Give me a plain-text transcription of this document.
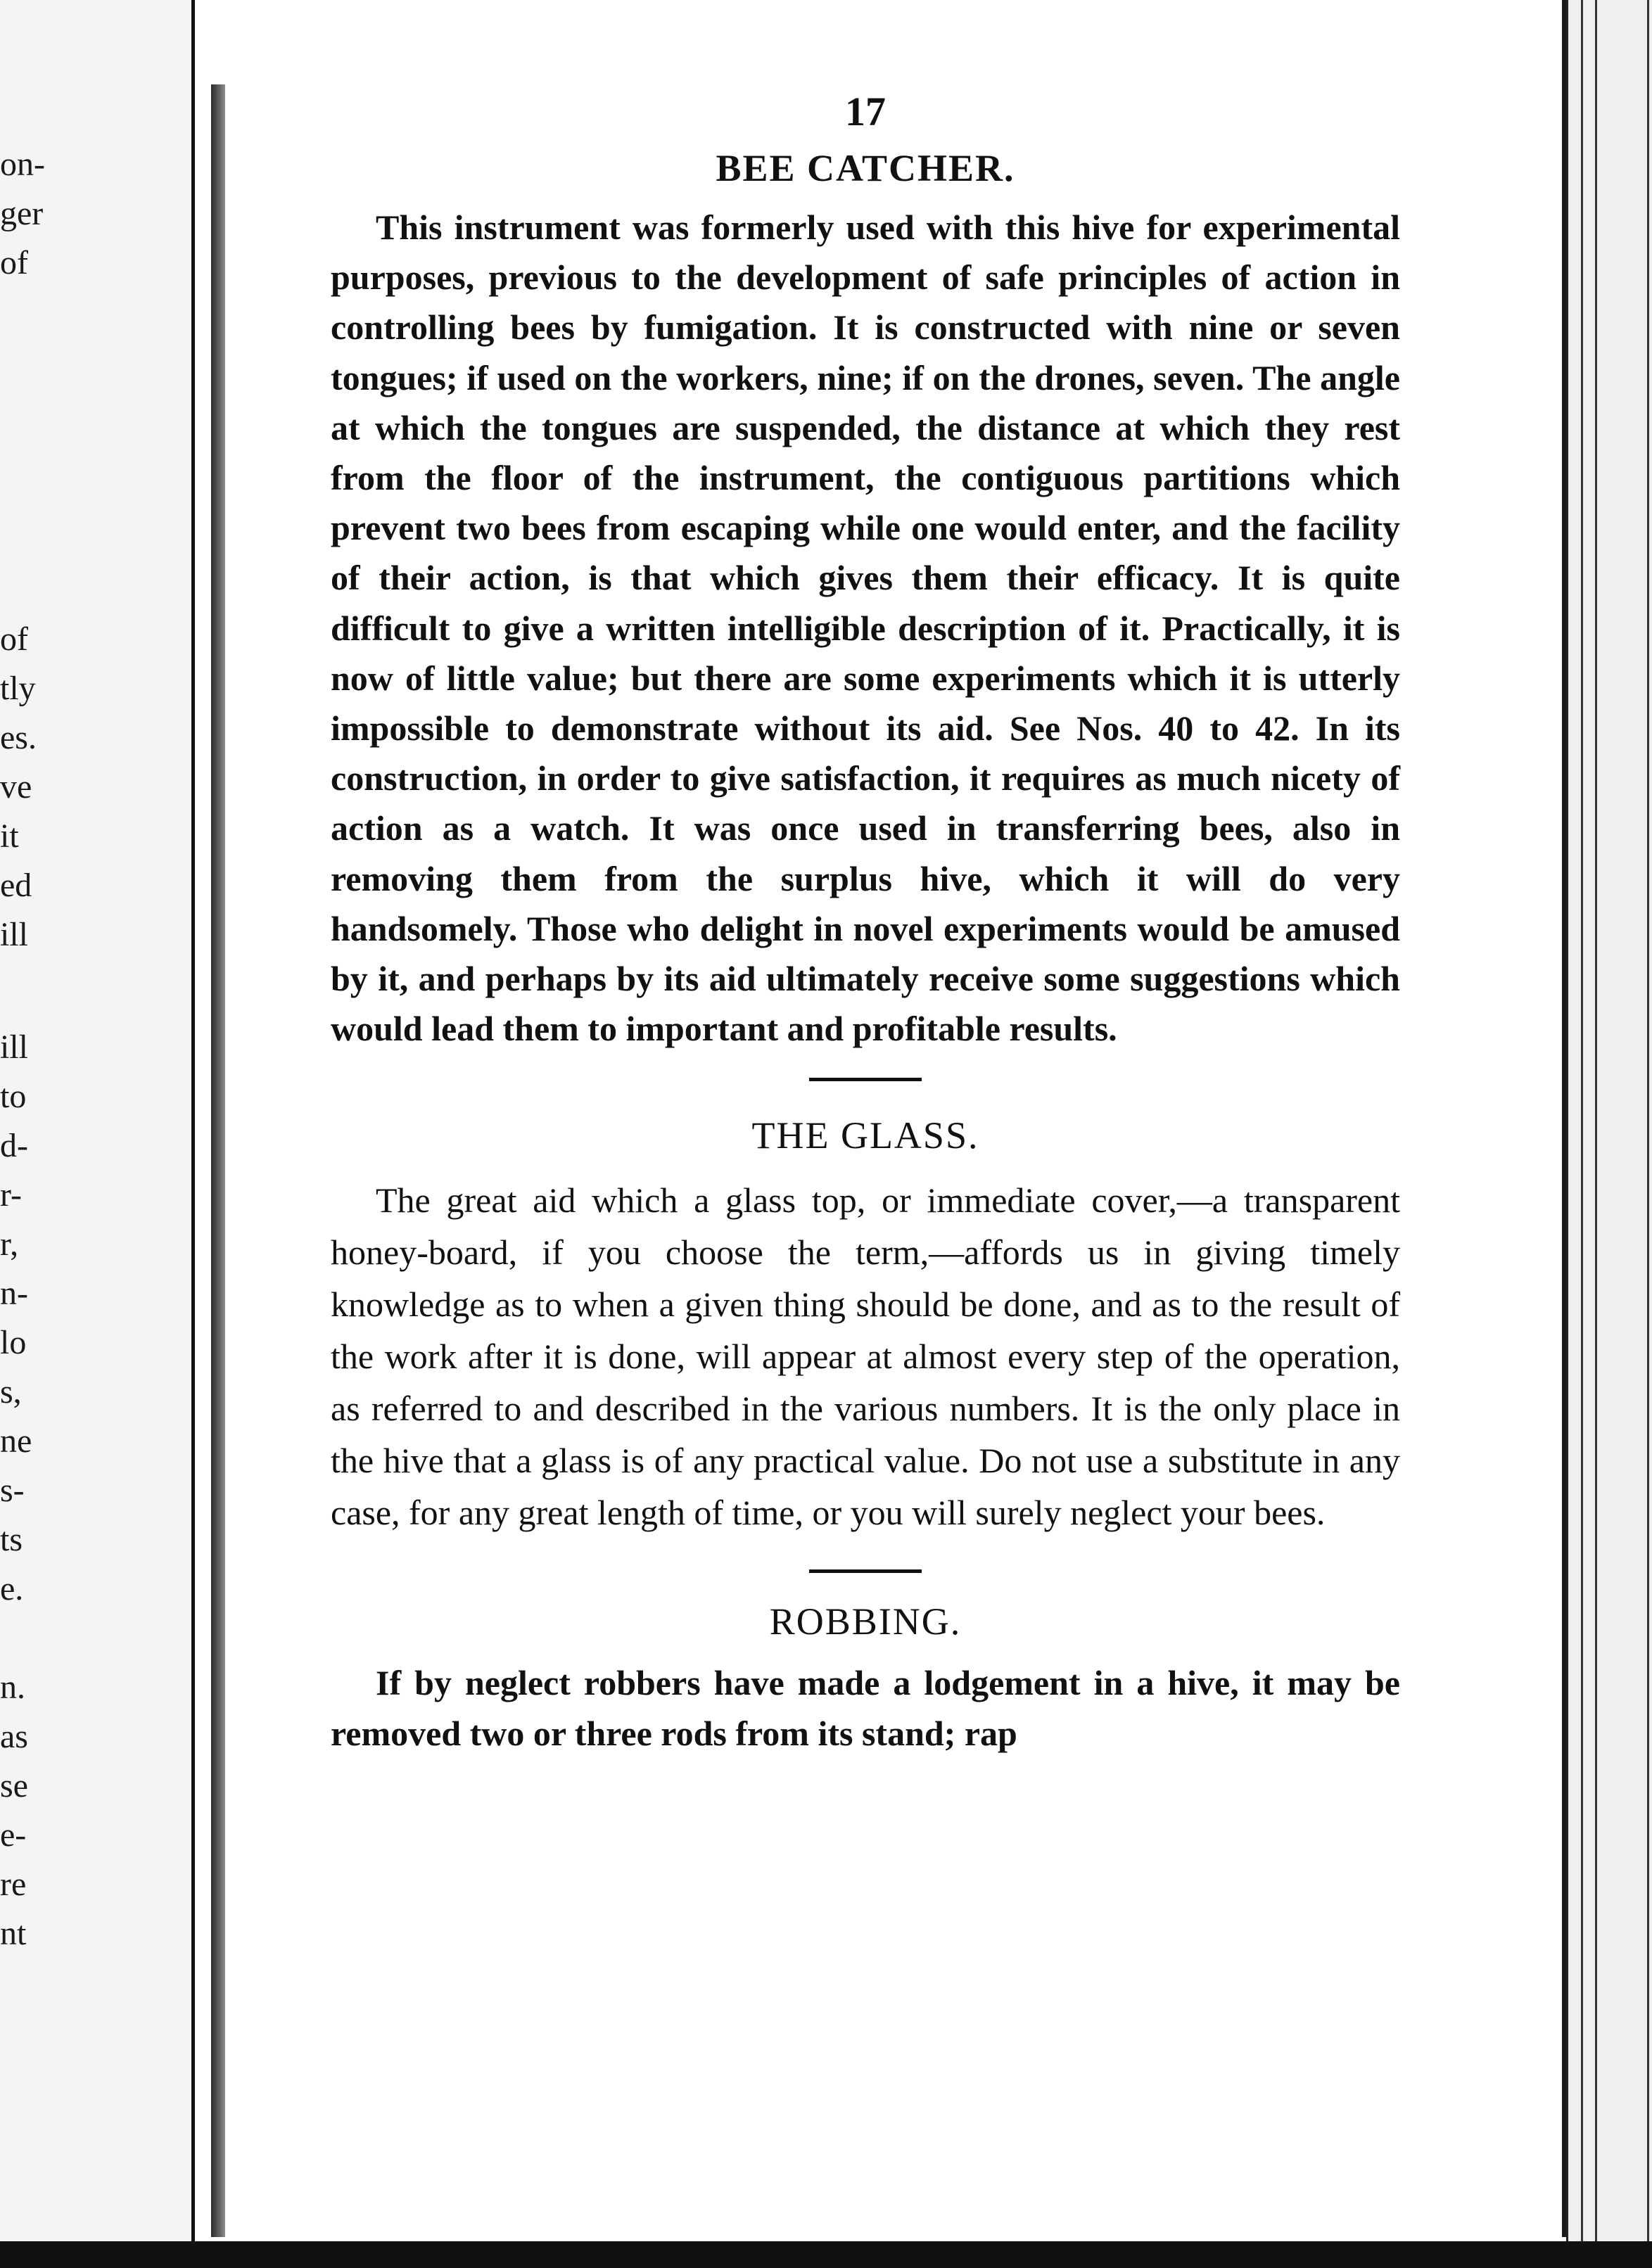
on-
ger
of
of
tly
es.
ve
it
ed
ill
ill
to
d-
r-
r,
n-
lo
s,
ne
s-
ts
e.
n.
as
se
e-
re
nt
17
BEE CATCHER.

This instrument was formerly used with this hive for experimental purposes, previous to the development of safe principles of action in controlling bees by fumigation. It is constructed with nine or seven tongues; if used on the workers, nine; if on the drones, seven. The angle at which the tongues are suspended, the distance at which they rest from the floor of the instrument, the contiguous partitions which prevent two bees from escaping while one would enter, and the facility of their action, is that which gives them their efficacy. It is quite difficult to give a written intelligible description of it. Practically, it is now of little value; but there are some experiments which it is utterly impossible to demonstrate without its aid. See Nos. 40 to 42. In its construction, in order to give satisfaction, it requires as much nicety of action as a watch. It was once used in transferring bees, also in removing them from the surplus hive, which it will do very handsomely. Those who delight in novel experiments would be amused by it, and perhaps by its aid ultimately receive some suggestions which would lead them to important and profitable results.

THE GLASS.

The great aid which a glass top, or immediate cover,—a transparent honey-board, if you choose the term,—affords us in giving timely knowledge as to when a given thing should be done, and as to the result of the work after it is done, will appear at almost every step of the operation, as referred to and described in the various numbers. It is the only place in the hive that a glass is of any practical value. Do not use a substitute in any case, for any great length of time, or you will surely neglect your bees.

ROBBING.

If by neglect robbers have made a lodgement in a hive, it may be removed two or three rods from its stand; rap
